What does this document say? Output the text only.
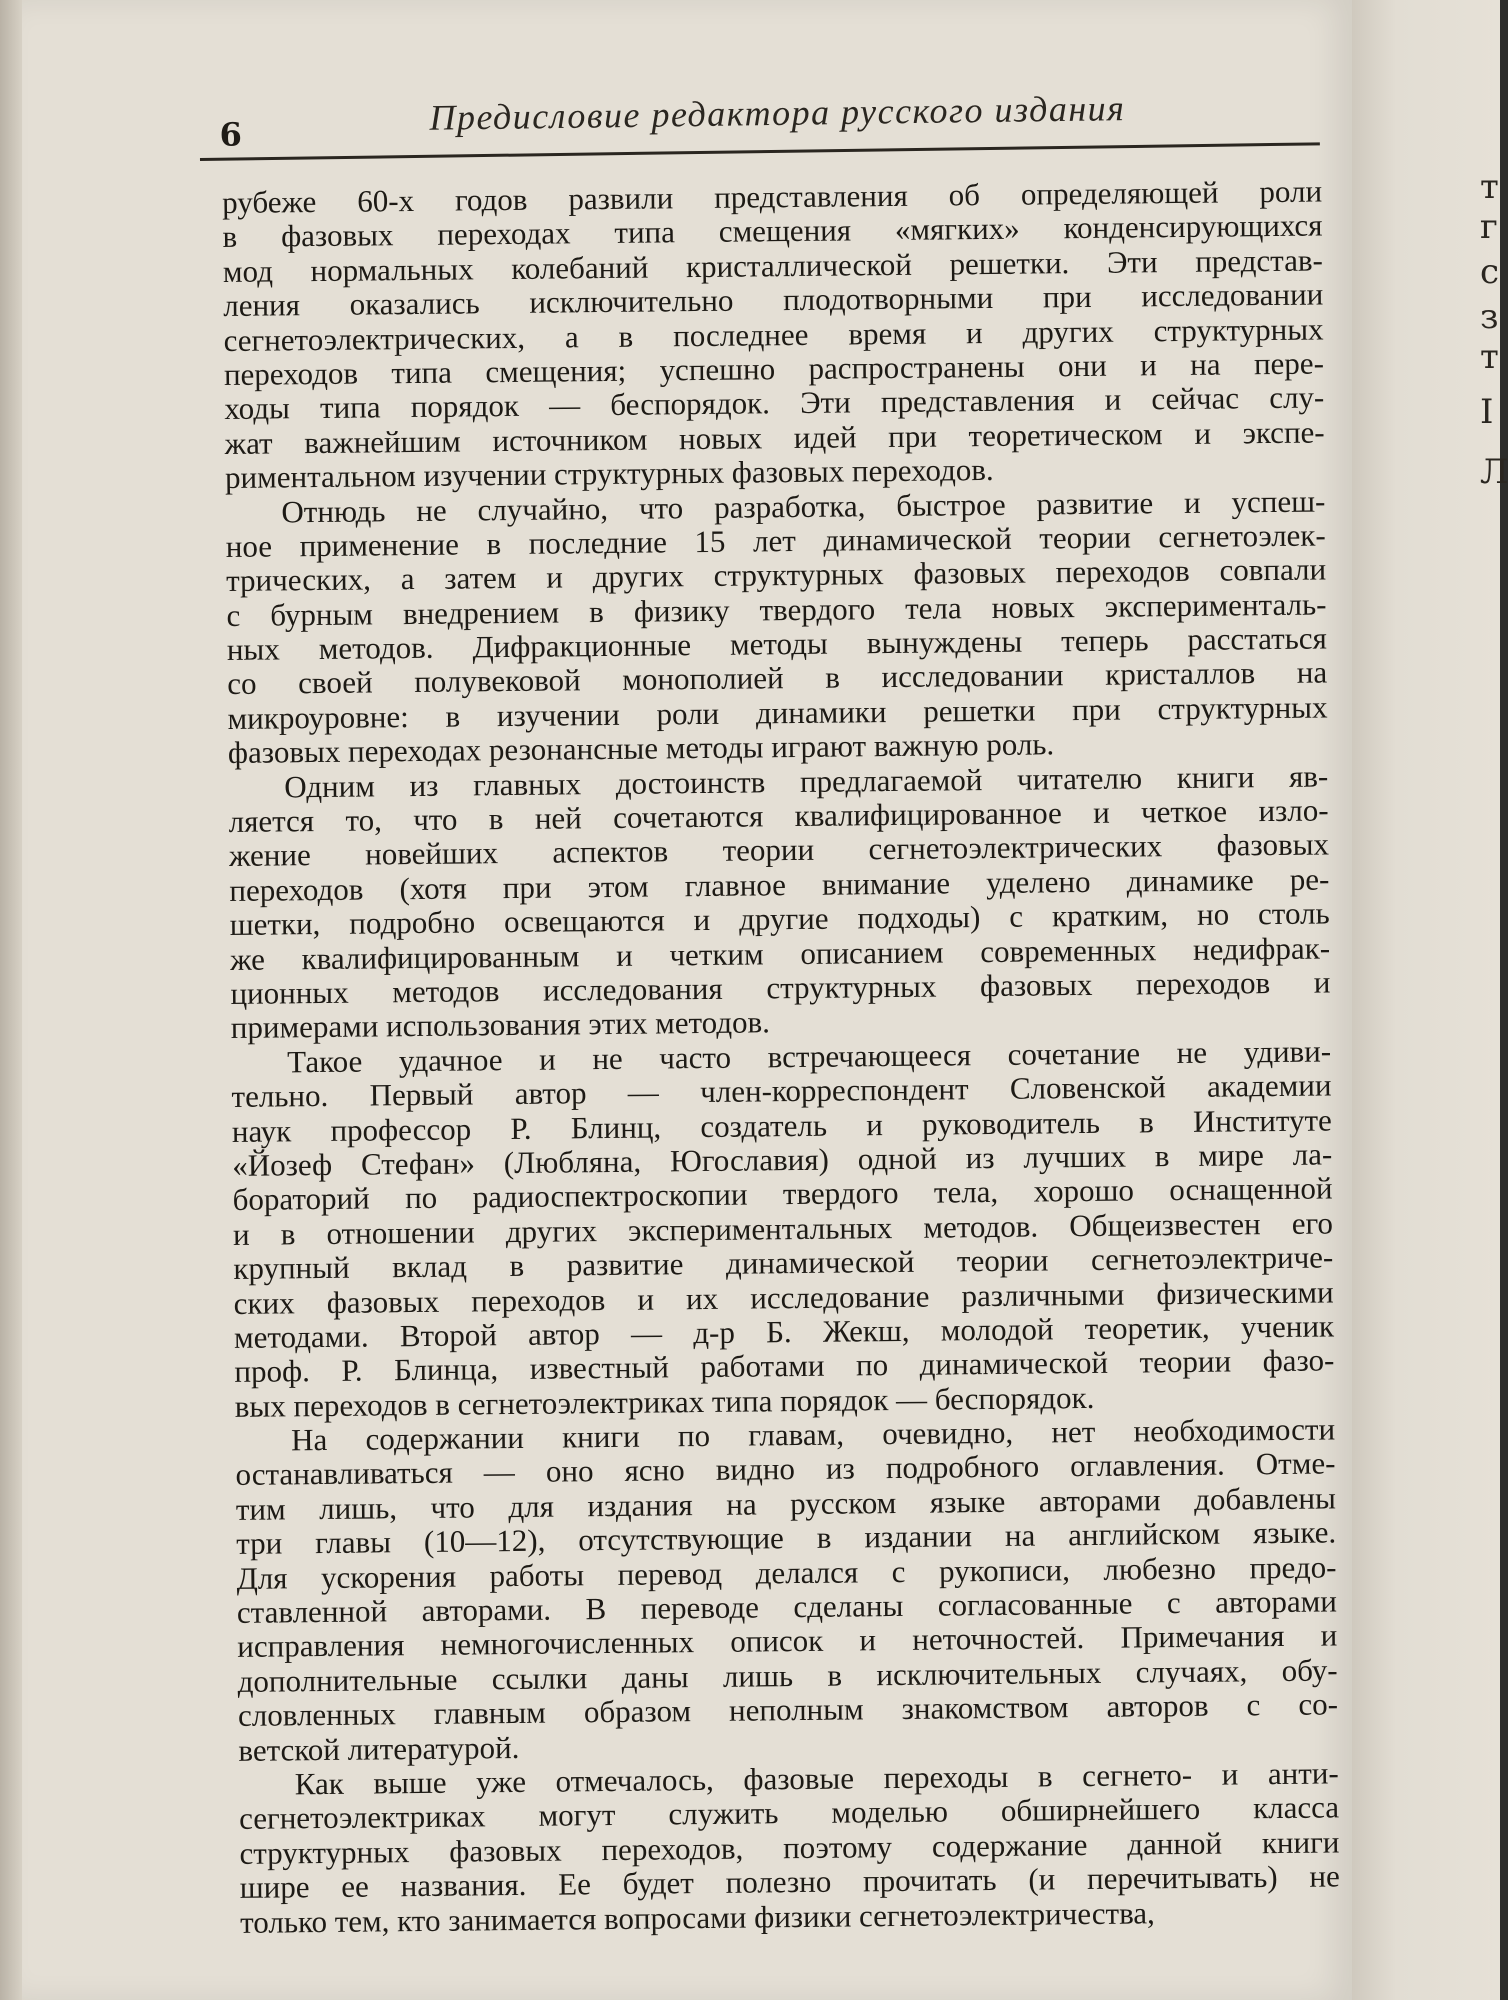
6	Предисловие редактора русского издания
рубеже 60-х годов развили представления об определяющей роли
в фазовых переходах типа смещения «мягких» конденсирующихся
мод нормальных колебаний кристаллической решетки. Эти представ-
ления оказались исключительно плодотворными при исследовании
сегнетоэлектрических, а в последнее время и других структурных
переходов типа смещения; успешно распространены они и на пере-
ходы типа порядок — беспорядок. Эти представления и сейчас слу-
жат важнейшим источником новых идей при теоретическом и экспе-
риментальном изучении структурных фазовых переходов.
Отнюдь не случайно, что разработка, быстрое развитие и успеш-
ное применение в последние 15 лет динамической теории сегнетоэлек-
трических, а затем и других структурных фазовых переходов совпали
с бурным внедрением в физику твердого тела новых эксперименталь-
ных методов. Дифракционные методы вынуждены теперь расстаться
со своей полувековой монополией в исследовании кристаллов на
микроуровне: в изучении роли динамики решетки при структурных
фазовых переходах резонансные методы играют важную роль.
Одним из главных достоинств предлагаемой читателю книги яв-
ляется то, что в ней сочетаются квалифицированное и четкое изло-
жение новейших аспектов теории сегнетоэлектрических фазовых
переходов (хотя при этом главное внимание уделено динамике ре-
шетки, подробно освещаются и другие подходы) с кратким, но столь
же квалифицированным и четким описанием современных недифрак-
ционных методов исследования структурных фазовых переходов и
примерами использования этих методов.
Такое удачное и не часто встречающееся сочетание не удиви-
тельно. Первый автор — член-корреспондент Словенской академии
наук профессор Р. Блинц, создатель и руководитель в Институте
«Йозеф Стефан» (Любляна, Югославия) одной из лучших в мире ла-
бораторий по радиоспектроскопии твердого тела, хорошо оснащенной
и в отношении других экспериментальных методов. Общеизвестен его
крупный вклад в развитие динамической теории сегнетоэлектриче-
ских фазовых переходов и их исследование различными физическими
методами. Второй автор — д-р Б. Жекш, молодой теоретик, ученик
проф. Р. Блинца, известный работами по динамической теории фазо-
вых переходов в сегнетоэлектриках типа порядок — беспорядок.
На содержании книги по главам, очевидно, нет необходимости
останавливаться — оно ясно видно из подробного оглавления. Отме-
тим лишь, что для издания на русском языке авторами добавлены
три главы (10—12), отсутствующие в издании на английском языке.
Для ускорения работы перевод делался с рукописи, любезно предо-
ставленной авторами. В переводе сделаны согласованные с авторами
исправления немногочисленных описок и неточностей. Примечания и
дополнительные ссылки даны лишь в исключительных случаях, обу-
словленных главным образом неполным знакомством авторов с со-
ветской литературой.
Как выше уже отмечалось, фазовые переходы в сегнето- и анти-
сегнетоэлектриках могут служить моделью обширнейшего класса
структурных фазовых переходов, поэтому содержание данной книги
шире ее названия. Ее будет полезно прочитать (и перечитывать) не
только тем, кто занимается вопросами физики сегнетоэлектричества,
т
г
с
з
т
I
Л
